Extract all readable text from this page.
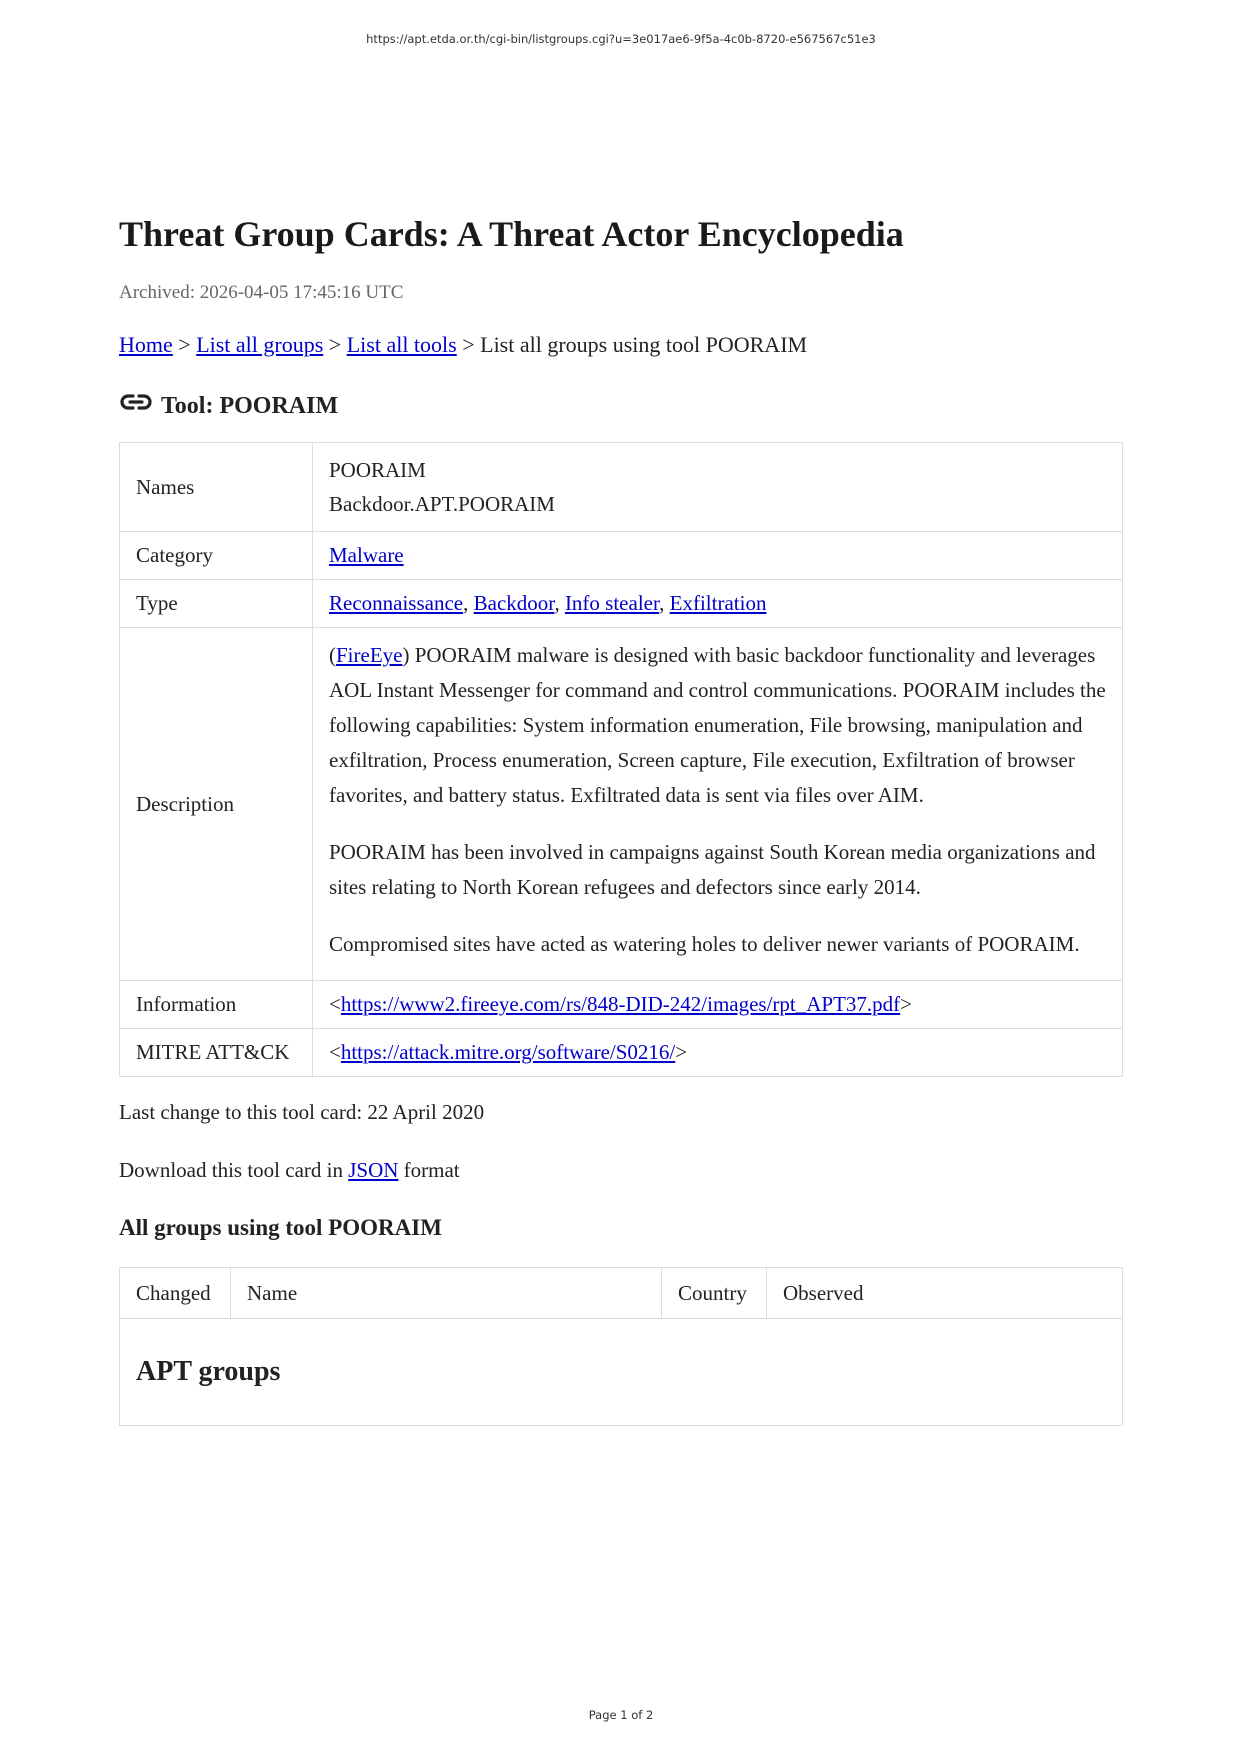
https://apt.etda.or.th/cgi-bin/listgroups.cgi?u=3e017ae6-9f5a-4c0b-8720-e567567c51e3
Threat Group Cards: A Threat Actor Encyclopedia
Archived: 2026-04-05 17:45:16 UTC
Home > List all groups > List all tools > List all groups using tool POORAIM
Tool: POORAIM
Names	POORAIM
Backdoor.APT.POORAIM

Category	Malware
Type	Reconnaissance, Backdoor, Info stealer, Exfiltration
Description	(FireEye) POORAIM malware is designed with basic backdoor functionality and leverages AOL Instant Messenger for command and control communications. POORAIM includes the following capabilities: System information enumeration, File browsing, manipulation and exfiltration, Process enumeration, Screen capture, File execution, Exfiltration of browser favorites, and battery status. Exfiltrated data is sent via files over AIM.

POORAIM has been involved in campaigns against South Korean media organizations and sites relating to North Korean refugees and defectors since early 2014.

Compromised sites have acted as watering holes to deliver newer variants of POORAIM.

Information	<https://www2.fireeye.com/rs/848-DID-242/images/rpt_APT37.pdf>
MITRE ATT&CK	<https://attack.mitre.org/software/S0216/>
Last change to this tool card: 22 April 2020
Download this tool card in JSON format
All groups using tool POORAIM
Changed	Name	Country	Observed
APT groups
Page 1 of 2
